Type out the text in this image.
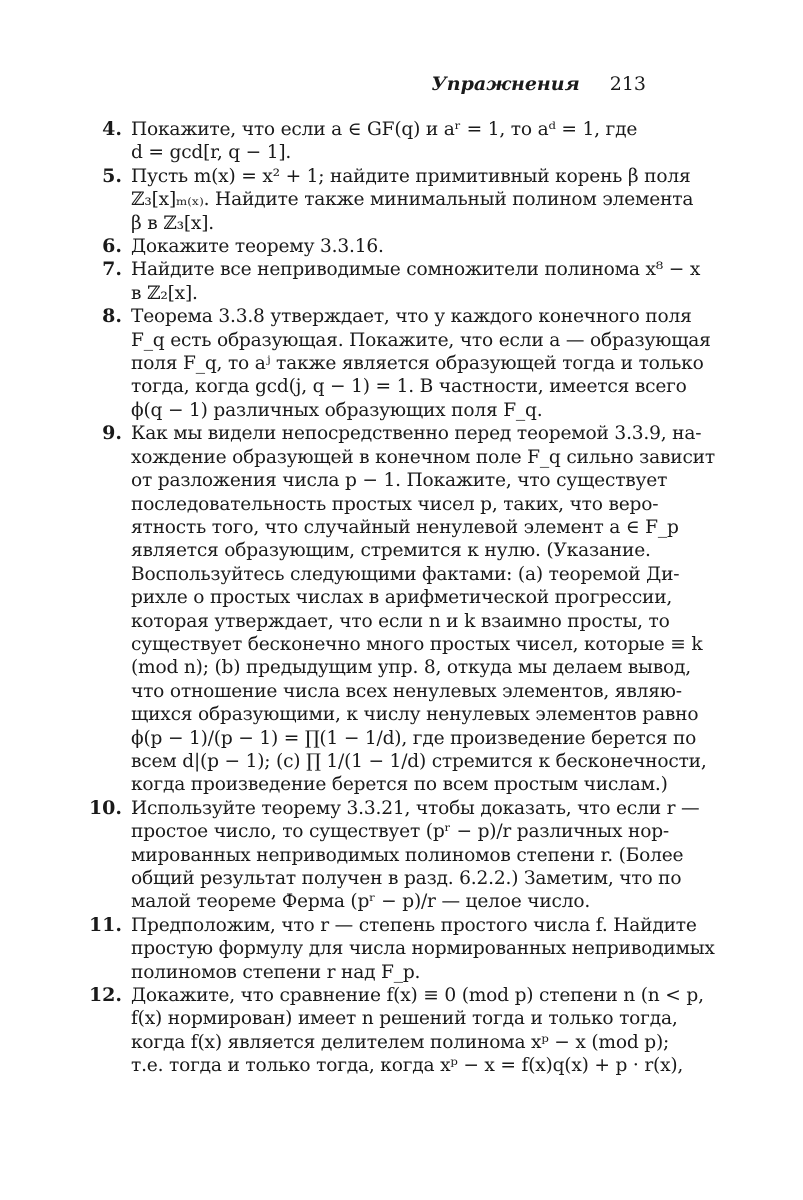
Упражнения 213
4. Покажите, что если a ∈ GF(q) и aʳ = 1, то aᵈ = 1, где
d = gcd[r, q − 1].
5. Пусть m(x) = x² + 1; найдите примитивный корень β поля
ℤ₃[x]ₘ₍ₓ₎. Найдите также минимальный полином элемента
β в ℤ₃[x].
6. Докажите теорему 3.3.16.
7. Найдите все неприводимые сомножители полинома x⁸ − x
в ℤ₂[x].
8. Теорема 3.3.8 утверждает, что у каждого конечного поля
F_q есть образующая. Покажите, что если a — образующая
поля F_q, то aʲ также является образующей тогда и только
тогда, когда gcd(j, q − 1) = 1. В частности, имеется всего
ϕ(q − 1) различных образующих поля F_q.
9. Как мы видели непосредственно перед теоремой 3.3.9, на-
хождение образующей в конечном поле F_q сильно зависит
от разложения числа p − 1. Покажите, что существует
последовательность простых чисел p, таких, что веро-
ятность того, что случайный ненулевой элемент a ∈ F_p
является образующим, стремится к нулю. (Указание.
Воспользуйтесь следующими фактами: (a) теоремой Ди-
рихле о простых числах в арифметической прогрессии,
которая утверждает, что если n и k взаимно просты, то
существует бесконечно много простых чисел, которые ≡ k
(mod n); (b) предыдущим упр. 8, откуда мы делаем вывод,
что отношение числа всех ненулевых элементов, являю-
щихся образующими, к числу ненулевых элементов равно
ϕ(p − 1)/(p − 1) = ∏(1 − 1/d), где произведение берется по
всем d|(p − 1); (c) ∏ 1/(1 − 1/d) стремится к бесконечности,
когда произведение берется по всем простым числам.)
10. Используйте теорему 3.3.21, чтобы доказать, что если r —
простое число, то существует (pʳ − p)/r различных нор-
мированных неприводимых полиномов степени r. (Более
общий результат получен в разд. 6.2.2.) Заметим, что по
малой теореме Ферма (pʳ − p)/r — целое число.
11. Предположим, что r — степень простого числа f. Найдите
простую формулу для числа нормированных неприводимых
полиномов степени r над F_p.
12. Докажите, что сравнение f(x) ≡ 0 (mod p) степени n (n < p,
f(x) нормирован) имеет n решений тогда и только тогда,
когда f(x) является делителем полинома xᵖ − x (mod p);
т.е. тогда и только тогда, когда xᵖ − x = f(x)q(x) + p · r(x),
